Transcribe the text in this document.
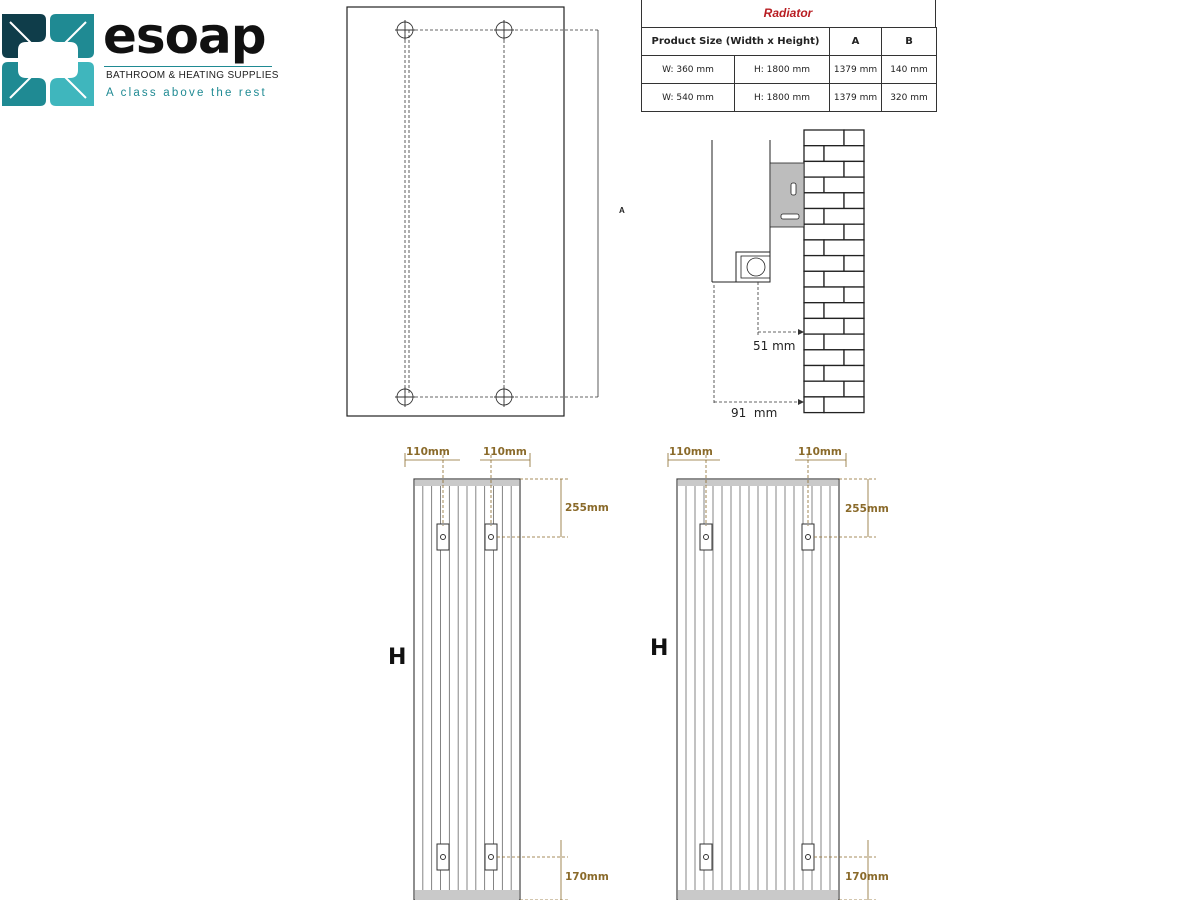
esoap
BATHROOM & HEATING SUPPLIES
A class above the rest
Radiator
Product Size (Width x Height)		A	B
W: 360 mm	H: 1800 mm	1379 mm	140 mm
W: 540 mm	H: 1800 mm	1379 mm	320 mm
A
51 mm
91  mm
110mm	110mm
255mm
170mm
H
110mm	110mm
255mm
170mm
H
